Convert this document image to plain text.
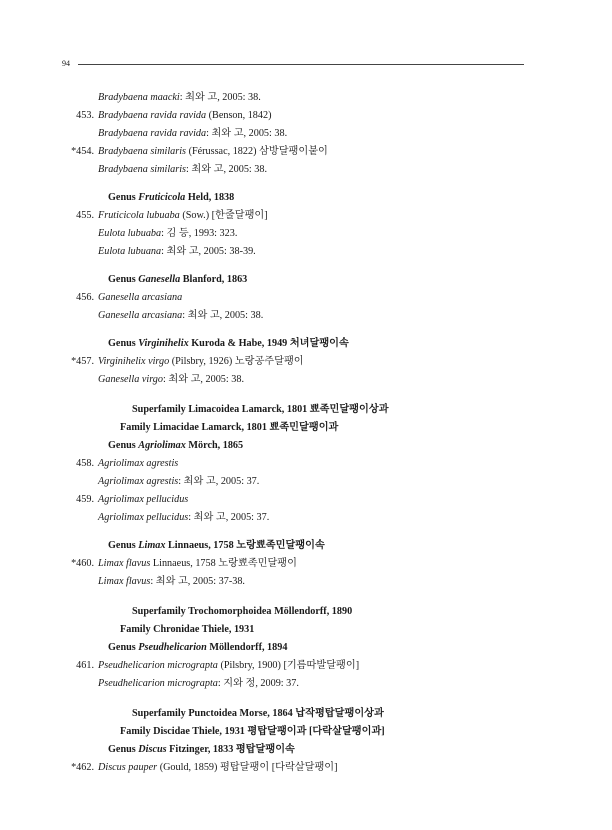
94
Bradybaena maacki: 최와 고, 2005: 38.
453. Bradybaena ravida ravida (Benson, 1842)
Bradybaena ravida ravida: 최와 고, 2005: 38.
*454. Bradybaena similaris (Férussac, 1822) 삼방달팽이붙이
Bradybaena similaris: 최와 고, 2005: 38.
Genus Fruticicola Held, 1838
455. Fruticicola lubuaba (Sow.) [한줄달팽이]
Eulota lubuaba: 김 등, 1993: 323.
Eulota lubuana: 최와 고, 2005: 38-39.
Genus Ganesella Blanford, 1863
456. Ganesella arcasiana
Ganesella arcasiana: 최와 고, 2005: 38.
Genus Virginihelix Kuroda & Habe, 1949 처녀달팽이속
*457. Virginihelix virgo (Pilsbry, 1926) 노랑공주달팽이
Ganesella virgo: 최와 고, 2005: 38.
Superfamily Limacoidea Lamarck, 1801 뾰족민달팽이상과
Family Limacidae Lamarck, 1801 뾰족민달팽이과
Genus Agriolimax Mörch, 1865
458. Agriolimax agrestis
Agriolimax agrestis: 최와 고, 2005: 37.
459. Agriolimax pellucidus
Agriolimax pellucidus: 최와 고, 2005: 37.
Genus Limax Linnaeus, 1758 노랑뾰족민달팽이속
*460. Limax flavus Linnaeus, 1758 노랑뾰족민달팽이
Limax flavus: 최와 고, 2005: 37-38.
Superfamily Trochomorphoidea Möllendorff, 1890
Family Chronidae Thiele, 1931
Genus Pseudhelicarion Möllendorff, 1894
461. Pseudhelicarion micrograpta (Pilsbry, 1900) [기름따발달팽이]
Pseudhelicarion micrograpta: 지와 정, 2009: 37.
Superfamily Punctoidea Morse, 1864 납작평탑달팽이상과
Family Discidae Thiele, 1931 평탑달팽이과 [다락살달팽이과]
Genus Discus Fitzinger, 1833 평탑달팽이속
*462. Discus pauper (Gould, 1859) 평탑달팽이 [다락살달팽이]
